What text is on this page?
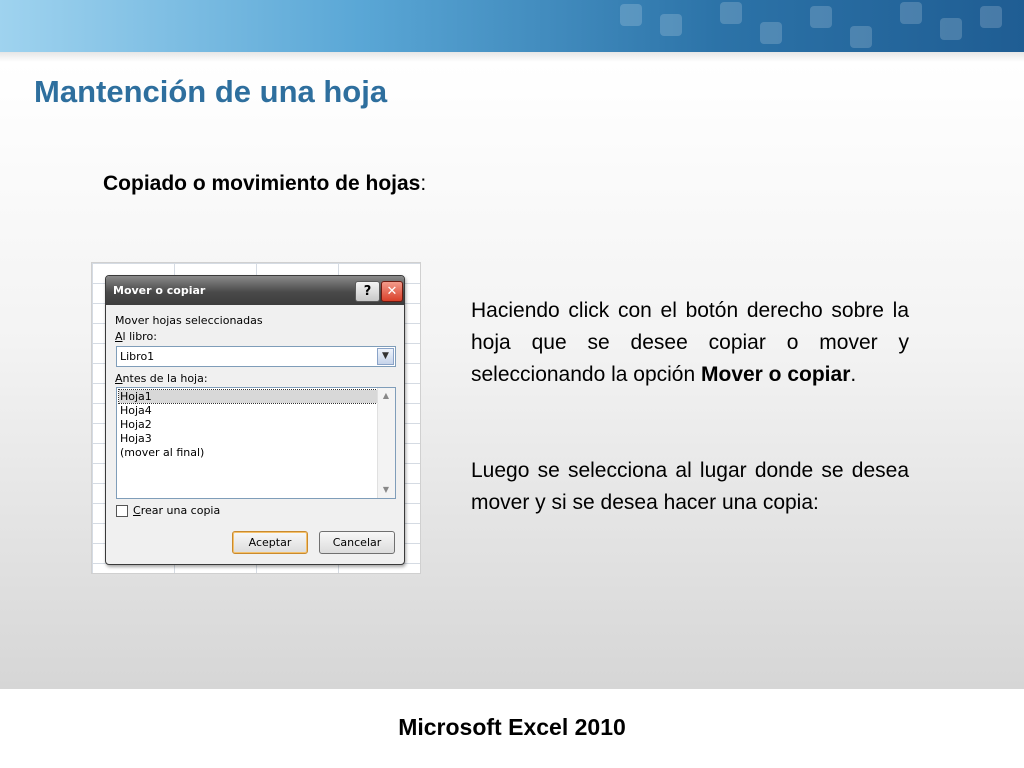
Mantención de una hoja
Copiado o movimiento de hojas:
Mover o copiar	?	✕
Mover hojas seleccionadas
Al libro:
Libro1	▼
Antes de la hoja:
Hoja1
Hoja4
Hoja2
Hoja3
(mover al final)
▲
▼
Crear una copia
Aceptar	Cancelar
Haciendo click con el botón derecho sobre la hoja que se desee copiar o mover y seleccionando la opción Mover o copiar.
Luego se selecciona al lugar donde se desea mover y si se desea hacer una copia:
Microsoft Excel 2010
